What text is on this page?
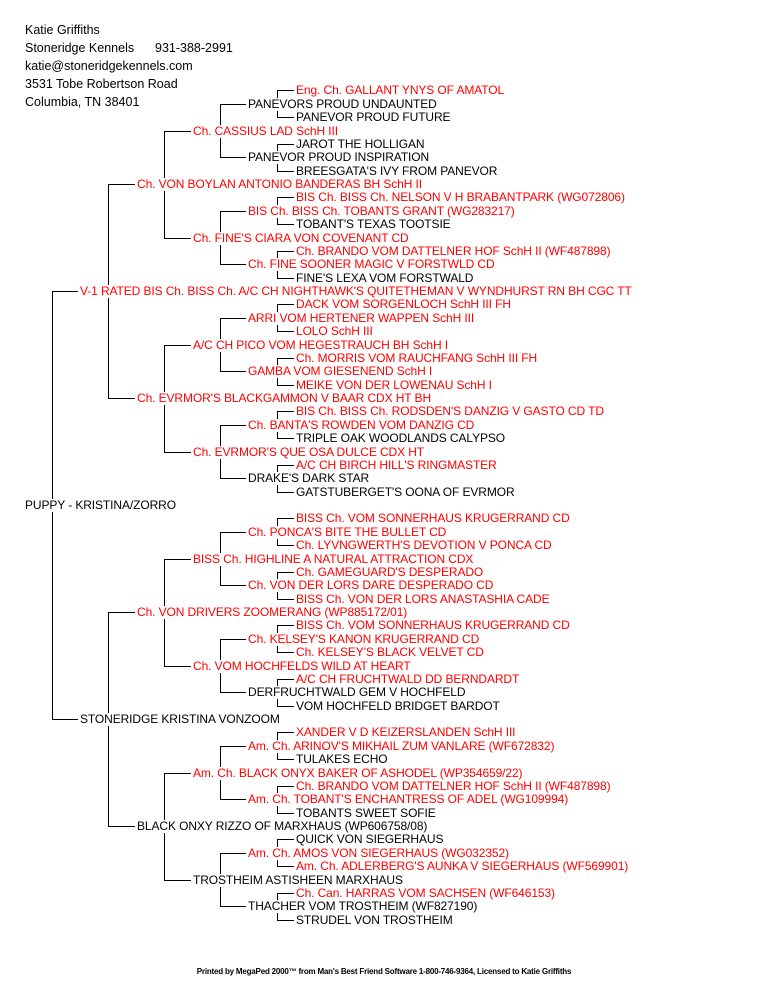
Katie Griffiths
Stoneridge Kennels 931-388-2991
katie@stoneridgekennels.com
3531 Tobe Robertson Road
Columbia, TN 38401
Eng. Ch. GALLANT YNYS OF AMATOL
PANEVORS PROUD UNDAUNTED
PANEVOR PROUD FUTURE
Ch. CASSIUS LAD SchH III
JAROT THE HOLLIGAN
PANEVOR PROUD INSPIRATION
BREESGATA'S IVY FROM PANEVOR
Ch. VON BOYLAN ANTONIO BANDERAS BH SchH II
BIS Ch. BISS Ch. NELSON V H BRABANTPARK (WG072806)
BIS Ch. BISS Ch. TOBANTS GRANT (WG283217)
TOBANT'S TEXAS TOOTSIE
Ch. FINE'S CIARA VON COVENANT CD
Ch. BRANDO VOM DATTELNER HOF SchH II (WF487898)
Ch. FINE SOONER MAGIC V FORSTWLD CD
FINE'S LEXA VOM FORSTWALD
V-1 RATED BIS Ch. BISS Ch. A/C CH NIGHTHAWK'S QUITETHEMAN V WYNDHURST RN BH CGC TT
DACK VOM SORGENLOCH SchH III FH
ARRI VOM HERTENER WAPPEN SchH III
LOLO SchH III
A/C CH PICO VOM HEGESTRAUCH BH SchH I
Ch. MORRIS VOM RAUCHFANG SchH III FH
GAMBA VOM GIESENEND SchH I
MEIKE VON DER LOWENAU SchH I
Ch. EVRMOR'S BLACKGAMMON V BAAR CDX HT BH
BIS Ch. BISS Ch. RODSDEN'S DANZIG V GASTO CD TD
Ch. BANTA'S ROWDEN VOM DANZIG CD
TRIPLE OAK WOODLANDS CALYPSO
Ch. EVRMOR'S QUE OSA DULCE CDX HT
A/C CH BIRCH HILL'S RINGMASTER
DRAKE'S DARK STAR
GATSTUBERGET'S OONA OF EVRMOR
PUPPY - KRISTINA/ZORRO
BISS Ch. VOM SONNERHAUS KRUGERRAND CD
Ch. PONCA'S BITE THE BULLET CD
Ch. LYVNGWERTH'S DEVOTION V PONCA CD
BISS Ch. HIGHLINE A NATURAL ATTRACTION CDX
Ch. GAMEGUARD'S DESPERADO
Ch. VON DER LORS DARE DESPERADO CD
BISS Ch. VON DER LORS ANASTASHIA CADE
Ch. VON DRIVERS ZOOMERANG (WP885172/01)
BISS Ch. VOM SONNERHAUS KRUGERRAND CD
Ch. KELSEY'S KANON KRUGERRAND CD
Ch. KELSEY'S BLACK VELVET CD
Ch. VOM HOCHFELDS WILD AT HEART
A/C CH FRUCHTWALD DD BERNDARDT
DERFRUCHTWALD GEM V HOCHFELD
VOM HOCHFELD BRIDGET BARDOT
STONERIDGE KRISTINA VONZOOM
XANDER V D KEIZERSLANDEN SchH III
Am. Ch. ARINOV'S MIKHAIL ZUM VANLARE (WF672832)
TULAKES ECHO
Am. Ch. BLACK ONYX BAKER OF ASHODEL (WP354659/22)
Ch. BRANDO VOM DATTELNER HOF SchH II (WF487898)
Am. Ch. TOBANT'S ENCHANTRESS OF ADEL (WG109994)
TOBANTS SWEET SOFIE
BLACK ONXY RIZZO OF MARXHAUS (WP606758/08)
QUICK VON SIEGERHAUS
Am. Ch. AMOS VON SIEGERHAUS (WG032352)
Am. Ch. ADLERBERG'S AUNKA V SIEGERHAUS (WF569901)
TROSTHEIM ASTISHEEN MARXHAUS
Ch. Can. HARRAS VOM SACHSEN (WF646153)
THACHER VOM TROSTHEIM (WF827190)
STRUDEL VON TROSTHEIM
Printed by MegaPed 2000™ from Man's Best Friend Software 1-800-746-9364, Licensed to Katie Griffiths
